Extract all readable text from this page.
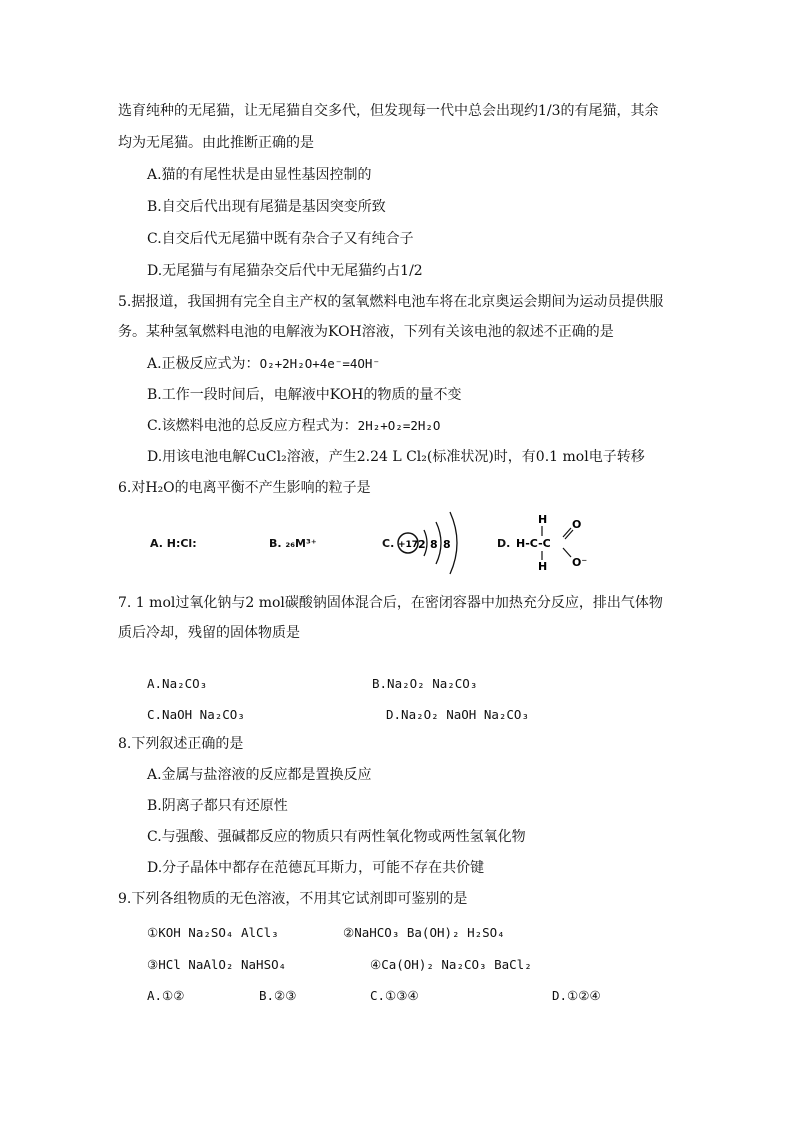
选育纯种的无尾猫，让无尾猫自交多代，但发现每一代中总会出现约1/3的有尾猫，其余
均为无尾猫。由此推断正确的是
A.猫的有尾性状是由显性基因控制的
B.自交后代出现有尾猫是基因突变所致
C.自交后代无尾猫中既有杂合子又有纯合子
D.无尾猫与有尾猫杂交后代中无尾猫约占1/2
5.据报道，我国拥有完全自主产权的氢氧燃料电池车将在北京奥运会期间为运动员提供服
务。某种氢氧燃料电池的电解液为KOH溶液，下列有关该电池的叙述不正确的是
A.正极反应式为：O₂+2H₂O+4e⁻=4OH⁻
B.工作一段时间后，电解液中KOH的物质的量不变
C.该燃料电池的总反应方程式为：2H₂+O₂=2H₂O
D.用该电池电解CuCl₂溶液，产生2.24 L Cl₂(标准状况)时，有0.1 mol电子转移
6.对H₂O的电离平衡不产生影响的粒子是
A. H:Cl:	B. ₂₆M³⁺	C. +17 2 8 8	D.
H
H-C-C
H
O
O⁻
7. 1 mol过氧化钠与2 mol碳酸钠固体混合后，在密闭容器中加热充分反应，排出气体物
质后冷却，残留的固体物质是
A.Na₂CO₃	B.Na₂O₂ Na₂CO₃
C.NaOH Na₂CO₃	D.Na₂O₂ NaOH Na₂CO₃
8.下列叙述正确的是
A.金属与盐溶液的反应都是置换反应
B.阴离子都只有还原性
C.与强酸、强碱都反应的物质只有两性氧化物或两性氢氧化物
D.分子晶体中都存在范德瓦耳斯力，可能不存在共价键
9.下列各组物质的无色溶液，不用其它试剂即可鉴别的是
①KOH Na₂SO₄ AlCl₃	②NaHCO₃ Ba(OH)₂ H₂SO₄
③HCl NaAlO₂ NaHSO₄	④Ca(OH)₂ Na₂CO₃ BaCl₂
A.①②	B.②③	C.①③④	D.①②④
